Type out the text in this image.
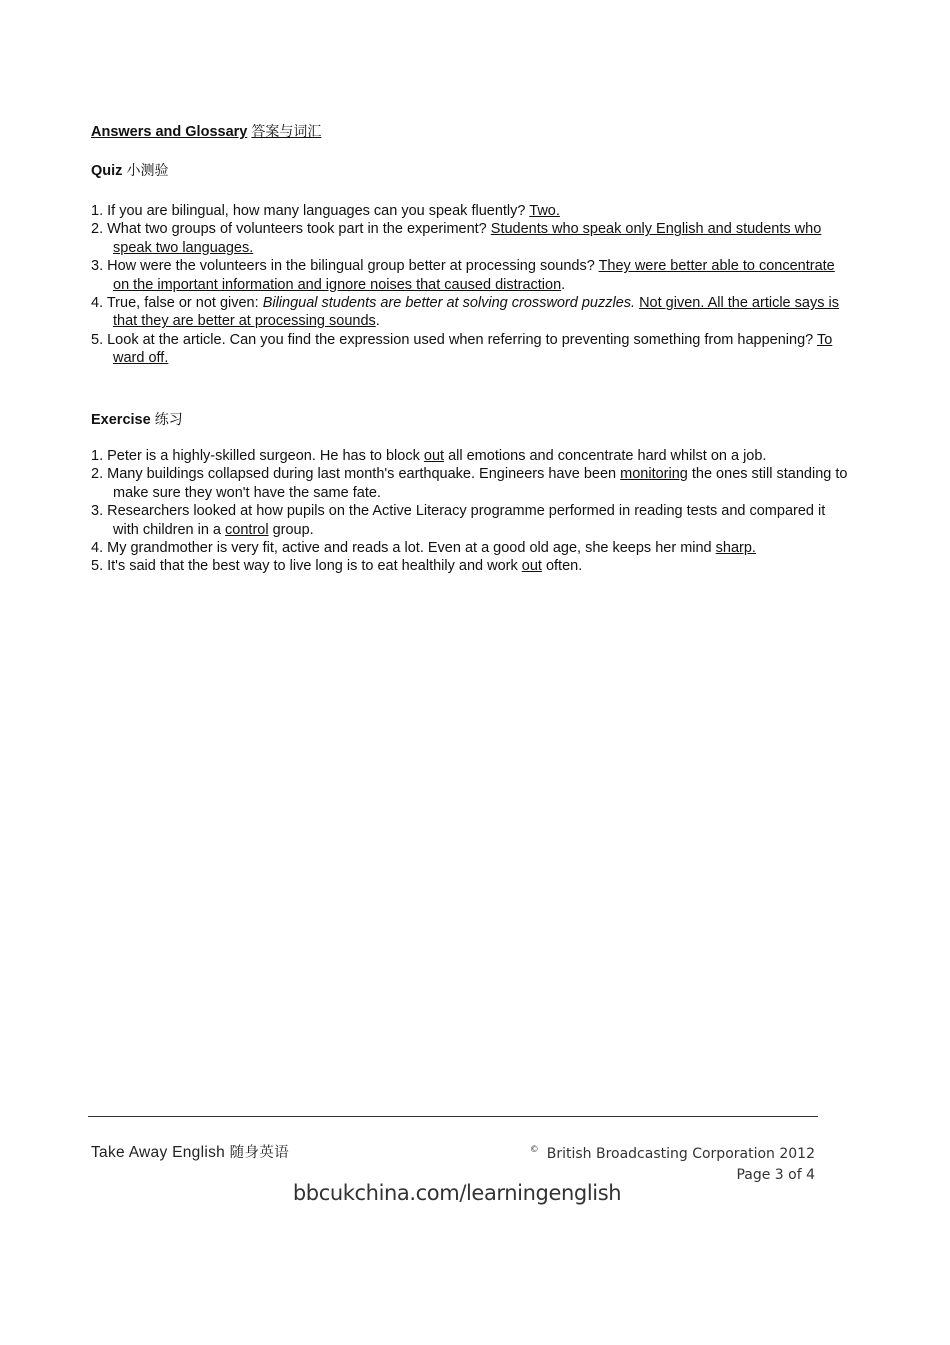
Answers and Glossary 答案与词汇
Quiz 小测验
1. If you are bilingual, how many languages can you speak fluently? Two.
2. What two groups of volunteers took part in the experiment? Students who speak only English and students who speak two languages.
3. How were the volunteers in the bilingual group better at processing sounds? They were better able to concentrate on the important information and ignore noises that caused distraction.
4. True, false or not given: Bilingual students are better at solving crossword puzzles. Not given. All the article says is that they are better at processing sounds.
5. Look at the article. Can you find the expression used when referring to preventing something from happening? To ward off.
Exercise 练习
1. Peter is a highly-skilled surgeon. He has to block out all emotions and concentrate hard whilst on a job.
2. Many buildings collapsed during last month's earthquake. Engineers have been monitoring the ones still standing to make sure they won't have the same fate.
3. Researchers looked at how pupils on the Active Literacy programme performed in reading tests and compared it with children in a control group.
4. My grandmother is very fit, active and reads a lot. Even at a good old age, she keeps her mind sharp.
5. It's said that the best way to live long is to eat healthily and work out often.
Take Away English 随身英语	© British Broadcasting Corporation 2012
Page 3 of 4
bbcukchina.com/learningenglish
